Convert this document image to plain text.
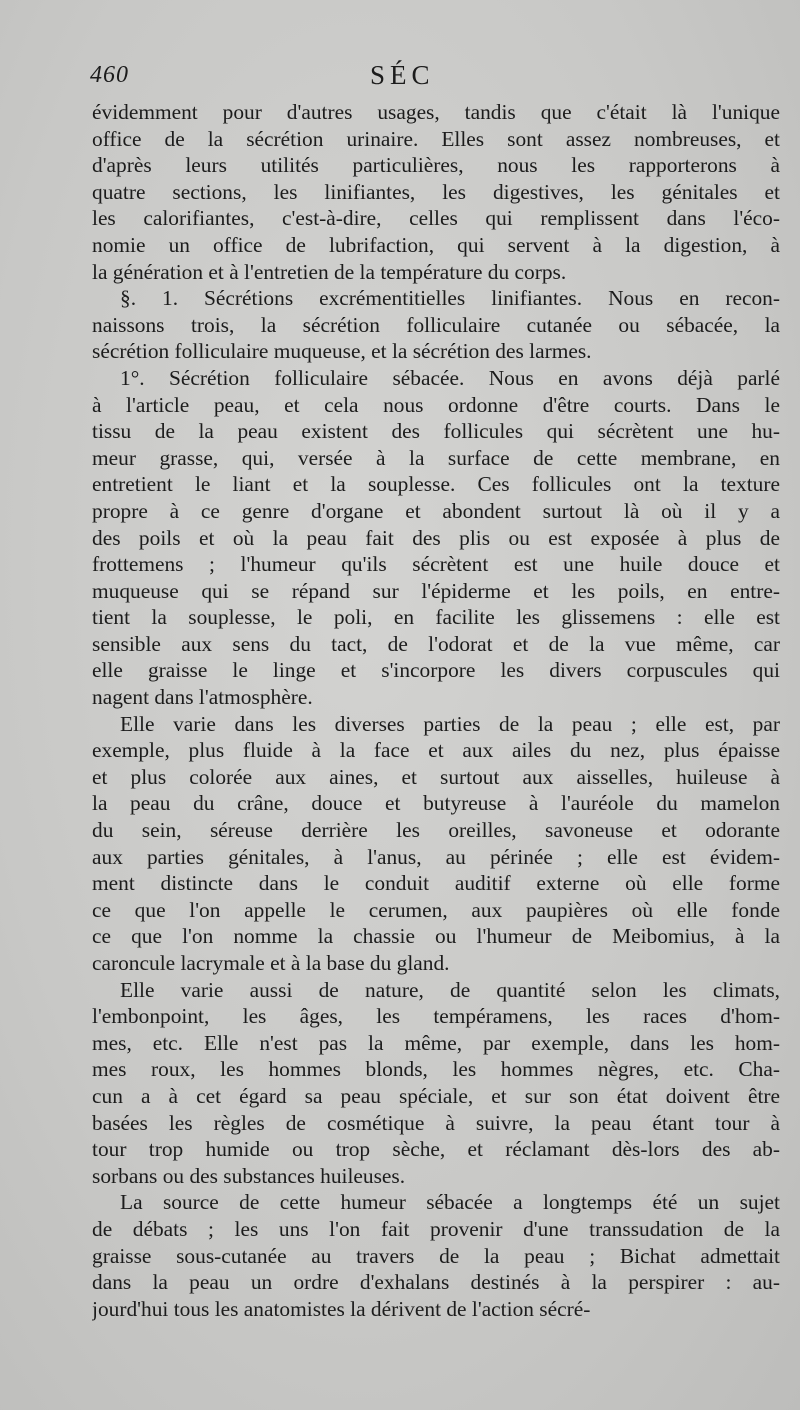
460	SÉC
évidemment pour d'autres usages, tandis que c'était là l'unique
office de la sécrétion urinaire. Elles sont assez nombreuses, et
d'après leurs utilités particulières, nous les rapporterons à
quatre sections, les linifiantes, les digestives, les génitales et
les calorifiantes, c'est-à-dire, celles qui remplissent dans l'éco-
nomie un office de lubrifaction, qui servent à la digestion, à
la génération et à l'entretien de la température du corps.
§. 1. Sécrétions excrémentitielles linifiantes. Nous en recon-
naissons trois, la sécrétion folliculaire cutanée ou sébacée, la
sécrétion folliculaire muqueuse, et la sécrétion des larmes.
1°. Sécrétion folliculaire sébacée. Nous en avons déjà parlé
à l'article peau, et cela nous ordonne d'être courts. Dans le
tissu de la peau existent des follicules qui sécrètent une hu-
meur grasse, qui, versée à la surface de cette membrane, en
entretient le liant et la souplesse. Ces follicules ont la texture
propre à ce genre d'organe et abondent surtout là où il y a
des poils et où la peau fait des plis ou est exposée à plus de
frottemens ; l'humeur qu'ils sécrètent est une huile douce et
muqueuse qui se répand sur l'épiderme et les poils, en entre-
tient la souplesse, le poli, en facilite les glissemens : elle est
sensible aux sens du tact, de l'odorat et de la vue même, car
elle graisse le linge et s'incorpore les divers corpuscules qui
nagent dans l'atmosphère.
Elle varie dans les diverses parties de la peau ; elle est, par
exemple, plus fluide à la face et aux ailes du nez, plus épaisse
et plus colorée aux aines, et surtout aux aisselles, huileuse à
la peau du crâne, douce et butyreuse à l'auréole du mamelon
du sein, séreuse derrière les oreilles, savoneuse et odorante
aux parties génitales, à l'anus, au périnée ; elle est évidem-
ment distincte dans le conduit auditif externe où elle forme
ce que l'on appelle le cerumen, aux paupières où elle fonde
ce que l'on nomme la chassie ou l'humeur de Meibomius, à la
caroncule lacrymale et à la base du gland.
Elle varie aussi de nature, de quantité selon les climats,
l'embonpoint, les âges, les tempéramens, les races d'hom-
mes, etc. Elle n'est pas la même, par exemple, dans les hom-
mes roux, les hommes blonds, les hommes nègres, etc. Cha-
cun a à cet égard sa peau spéciale, et sur son état doivent être
basées les règles de cosmétique à suivre, la peau étant tour à
tour trop humide ou trop sèche, et réclamant dès-lors des ab-
sorbans ou des substances huileuses.
La source de cette humeur sébacée a longtemps été un sujet
de débats ; les uns l'on fait provenir d'une transsudation de la
graisse sous-cutanée au travers de la peau ; Bichat admettait
dans la peau un ordre d'exhalans destinés à la perspirer : au-
jourd'hui tous les anatomistes la dérivent de l'action sécré-
